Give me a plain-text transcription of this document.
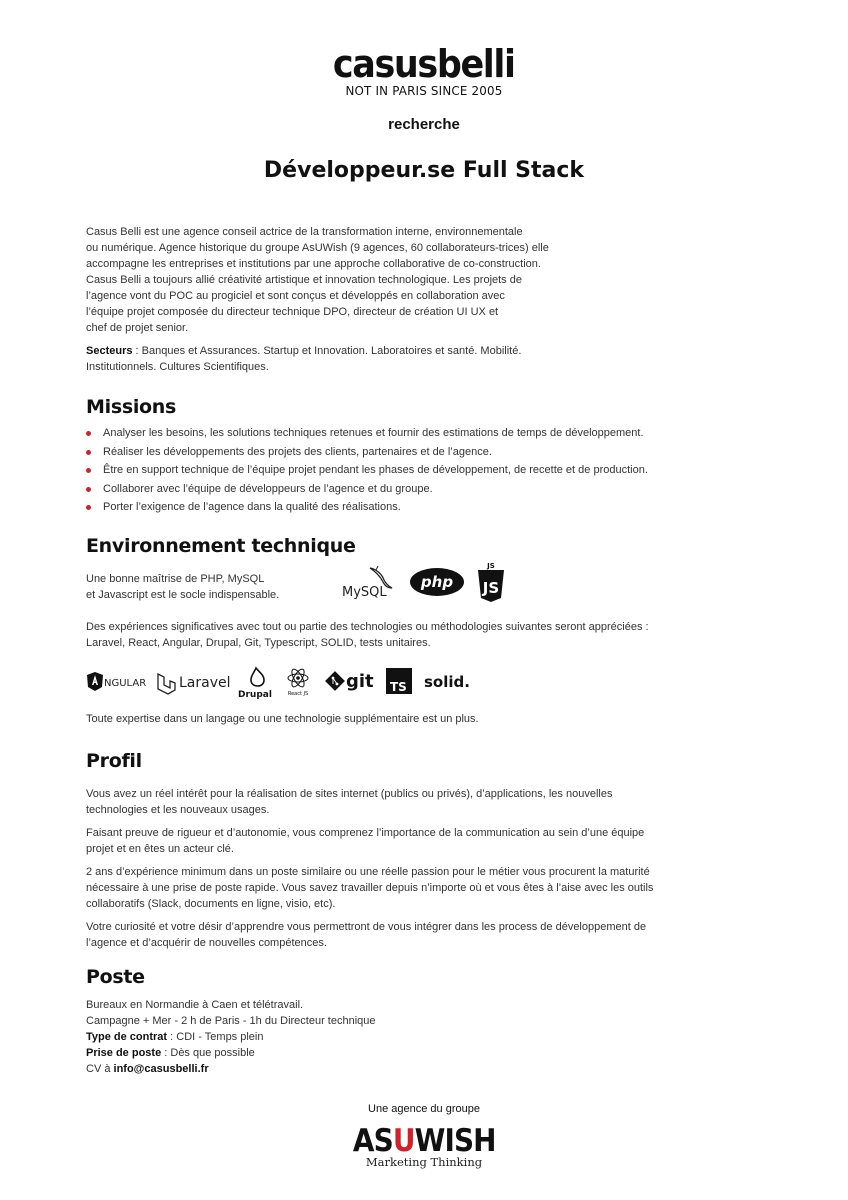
casusbelli
NOT IN PARIS SINCE 2005
recherche
Développeur.se Full Stack

Casus Belli est une agence conseil actrice de la transformation interne, environnementale
ou numérique. Agence historique du groupe AsUWish (9 agences, 60 collaborateurs-trices) elle
accompagne les entreprises et institutions par une approche collaborative de co-construction.
Casus Belli a toujours allié créativité artistique et innovation technologique. Les projets de
l’agence vont du POC au progiciel et sont conçus et développés en collaboration avec
l’équipe projet composée du directeur technique DPO, directeur de création UI UX et
chef de projet senior.

Secteurs : Banques et Assurances. Startup et Innovation. Laboratoires et santé. Mobilité.
Institutionnels. Cultures Scientifiques.
Missions
Analyser les besoins, les solutions techniques retenues et fournir des estimations de temps de développement.
Réaliser les développements des projets des clients, partenaires et de l’agence.
Être en support technique de l’équipe projet pendant les phases de développement, de recette et de production.
Collaborer avec l’équipe de développeurs de l’agence et du groupe.
Porter l’exigence de l’agence dans la qualité des réalisations.
Environnement technique
Une bonne maîtrise de PHP, MySQL
et Javascript est le socle indispensable.	MySQL
php
JS
JS
Des expériences significatives avec tout ou partie des technologies ou méthodologies suivantes seront appréciées :
Laravel, React, Angular, Drupal, Git, Typescript, SOLID, tests unitaires.
NGULAR Laravel
Drupal	React JS
git TS solid.
Toute expertise dans un langage ou une technologie supplémentaire est un plus.
Profil

Vous avez un réel intérêt pour la réalisation de sites internet (publics ou privés), d’applications, les nouvelles
technologies et les nouveaux usages.

Faisant preuve de rigueur et d’autonomie, vous comprenez l’importance de la communication au sein d’une équipe
projet et en êtes un acteur clé.

2 ans d’expérience minimum dans un poste similaire ou une réelle passion pour le métier vous procurent la maturité
nécessaire à une prise de poste rapide. Vous savez travailler depuis n’importe où et vous êtes à l’aise avec les outils
collaboratifs (Slack, documents en ligne, visio, etc).

Votre curiosité et votre désir d’apprendre vous permettront de vous intégrer dans les process de développement de
l’agence et d’acquérir de nouvelles compétences.

Poste
Bureaux en Normandie à Caen et télétravail.
Campagne + Mer - 2 h de Paris - 1h du Directeur technique
Type de contrat : CDI - Temps plein
Prise de poste : Dès que possible
CV à info@casusbelli.fr
Une agence du groupe
ASUWISH
Marketing Thinking
